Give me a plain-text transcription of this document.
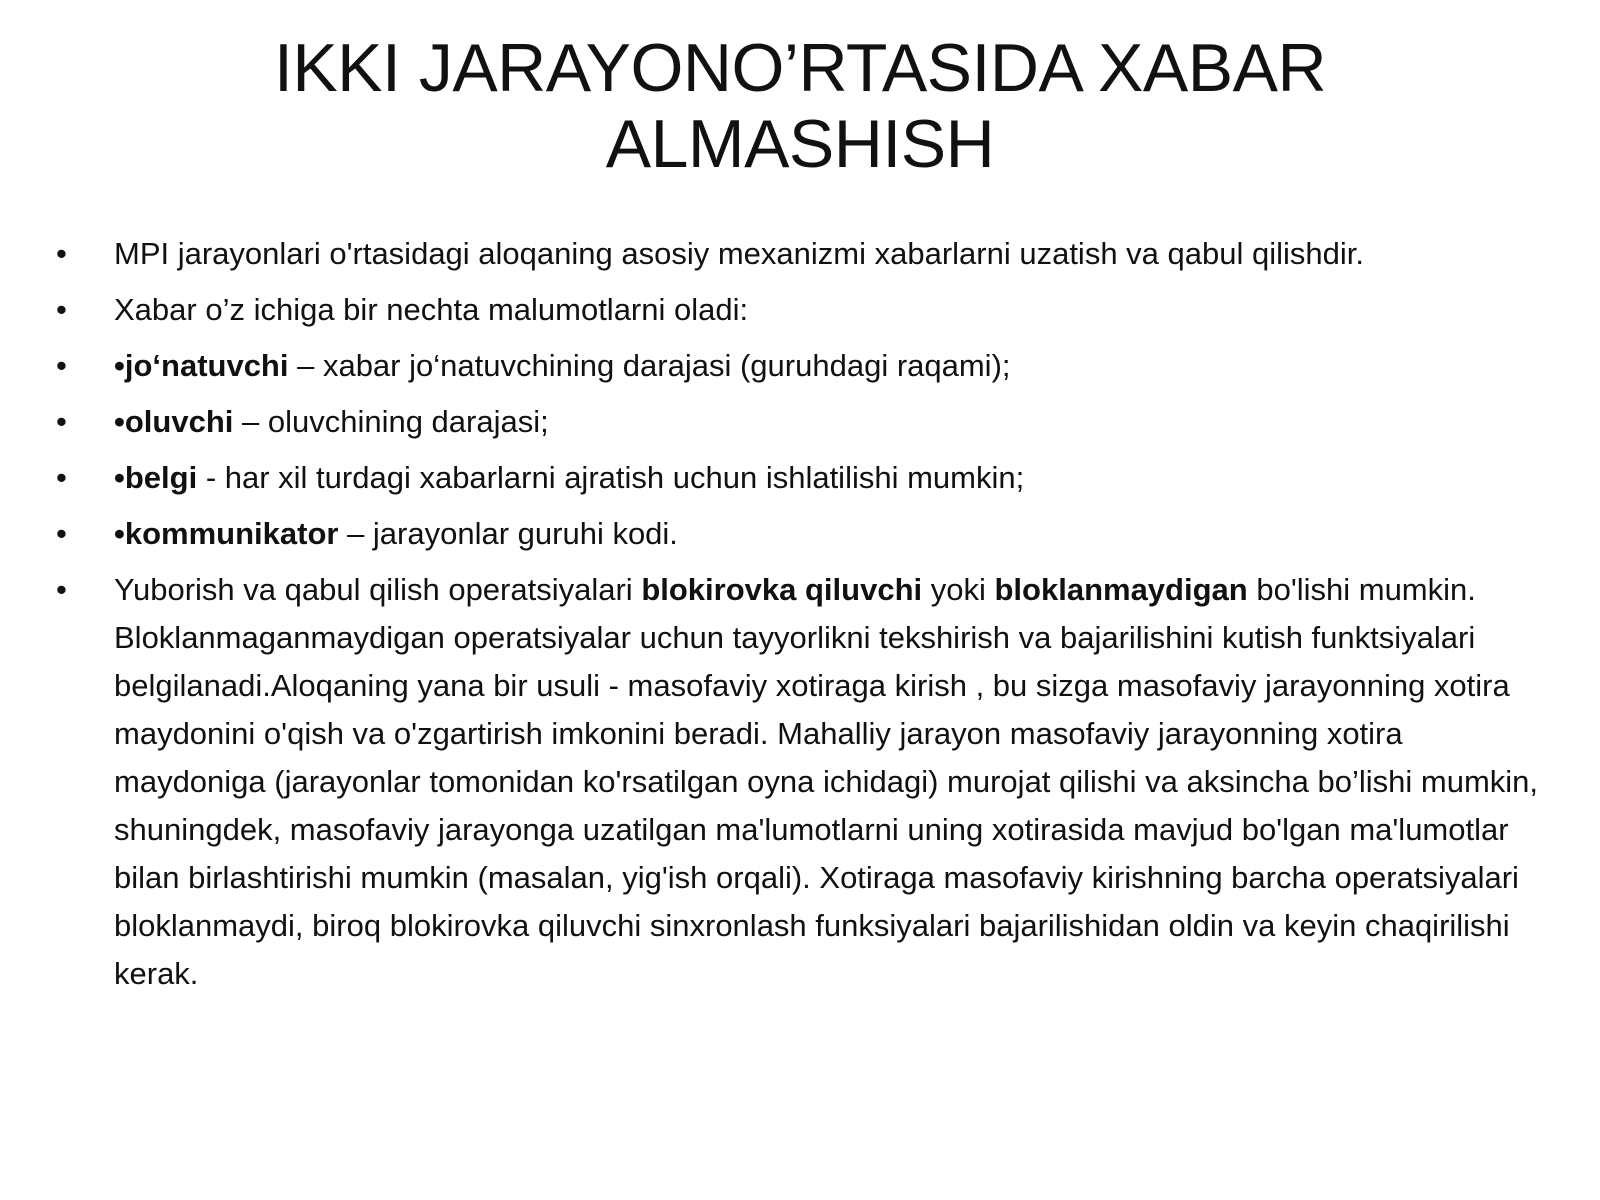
IKKI JARAYONO’RTASIDA XABAR
ALMASHISH
•	MPI jarayonlari o'rtasidagi aloqaning asosiy mexanizmi xabarlarni uzatish va qabul qilishdir.
•	Xabar o’z ichiga bir nechta malumotlarni oladi:
•	•jo‘natuvchi – xabar jo‘natuvchining darajasi (guruhdagi raqami);
•	•oluvchi – oluvchining darajasi;
•	•belgi - har xil turdagi xabarlarni ajratish uchun ishlatilishi mumkin;
•	•kommunikator – jarayonlar guruhi kodi.
•	Yuborish va qabul qilish operatsiyalari blokirovka qiluvchi yoki bloklanmaydigan bo'lishi mumkin. Bloklanmaganmaydigan operatsiyalar uchun tayyorlikni tekshirish va bajarilishini kutish funktsiyalari belgilanadi.Aloqaning yana bir usuli - masofaviy xotiraga kirish , bu sizga masofaviy jarayonning xotira maydonini o'qish va o'zgartirish imkonini beradi. Mahalliy jarayon masofaviy jarayonning xotira maydoniga (jarayonlar tomonidan ko'rsatilgan oyna ichidagi) murojat qilishi va aksincha bo’lishi mumkin, shuningdek, masofaviy jarayonga uzatilgan ma'lumotlarni uning xotirasida mavjud bo'lgan ma'lumotlar bilan birlashtirishi mumkin (masalan, yig'ish orqali). Xotiraga masofaviy kirishning barcha operatsiyalari bloklanmaydi, biroq blokirovka qiluvchi sinxronlash funksiyalari bajarilishidan oldin va keyin chaqirilishi kerak.
